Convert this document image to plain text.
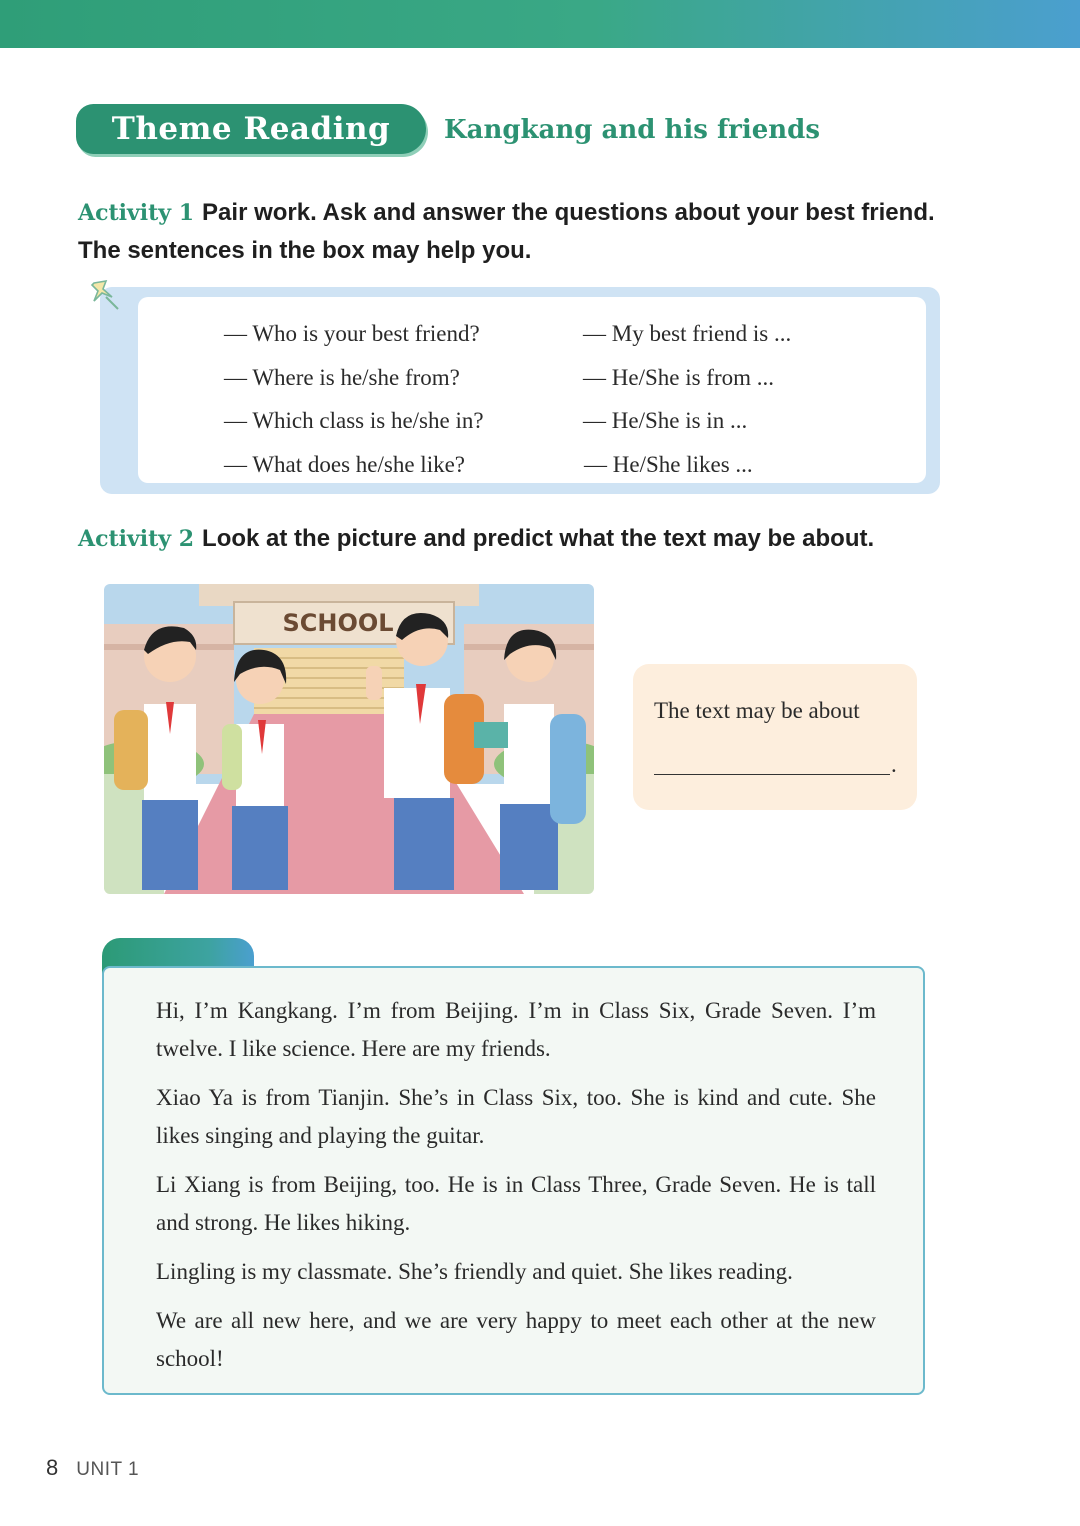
Theme Reading	Kangkang and his friends
Activity 1 Pair work. Ask and answer the questions about your best friend.
The sentences in the box may help you.
— Who is your best friend?
— Where is he/she from?
— Which class is he/she in?
— What does he/she like?
— My best friend is ...
— He/She is from ...
— He/She is in ...
— He/She likes ...
Activity 2 Look at the picture and predict what the text may be about.
SCHOOL
The text may be about
.

Hi, I’m Kangkang. I’m from Beijing. I’m in Class Six, Grade Seven. I’m twelve. I like science. Here are my friends.

Xiao Ya is from Tianjin. She’s in Class Six, too. She is kind and cute. She likes singing and playing the guitar.

Li Xiang is from Beijing, too. He is in Class Three, Grade Seven. He is tall and strong. He likes hiking.

Lingling is my classmate. She’s friendly and quiet. She likes reading.

We are all new here, and we are very happy to meet each other at the new school!

8 UNIT 1
